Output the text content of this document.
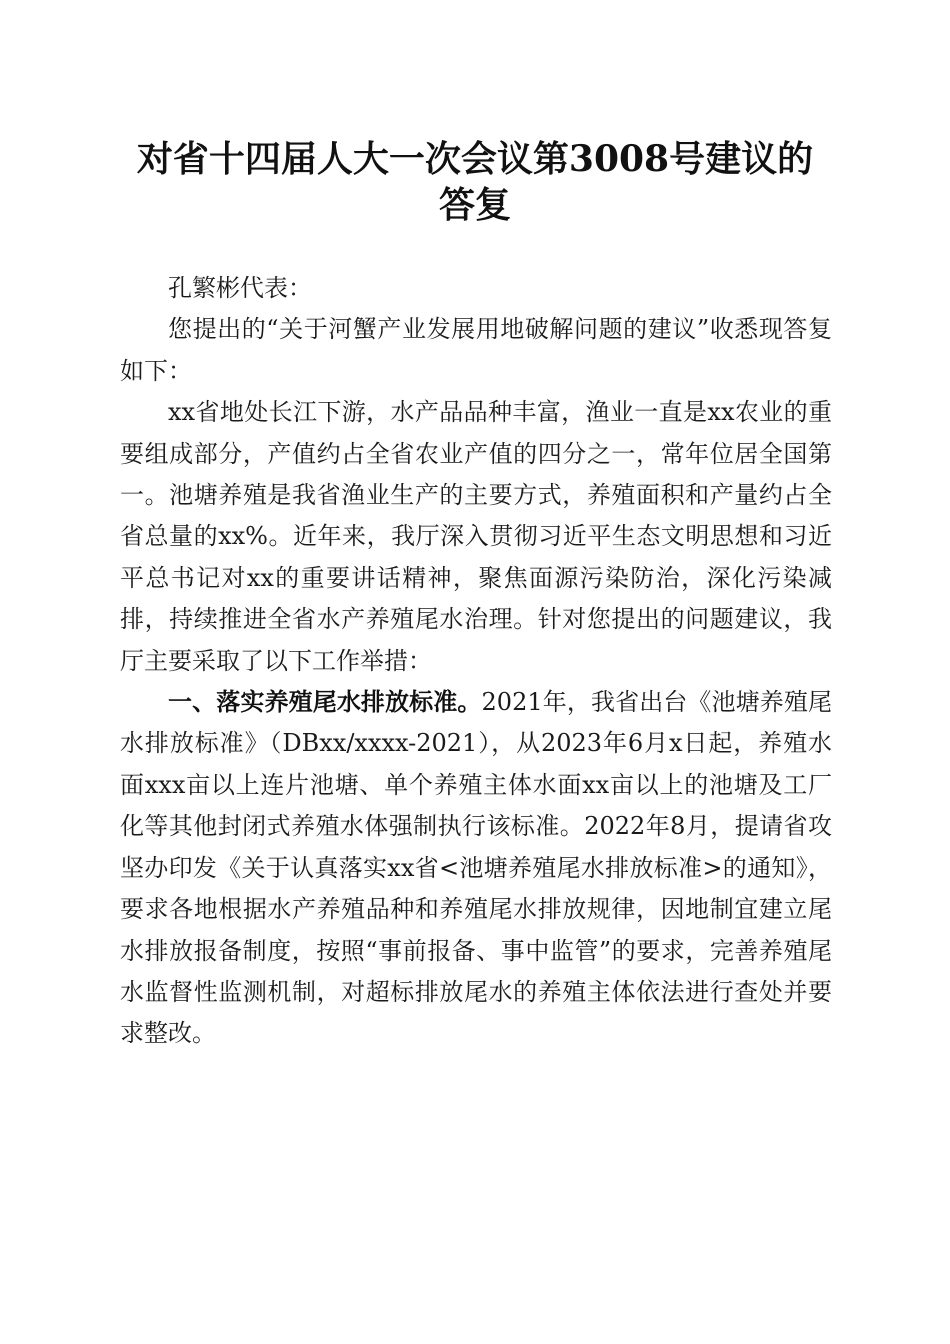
对省十四届人大一次会议第3008号建议的答复

孔繁彬代表：

您提出的“关于河蟹产业发展用地破解问题的建议”收悉现答复如下：

xx省地处长江下游，水产品品种丰富，渔业一直是xx农业的重要组成部分，产值约占全省农业产值的四分之一，常年位居全国第一。池塘养殖是我省渔业生产的主要方式，养殖面积和产量约占全省总量的xx%。近年来，我厅深入贯彻习近平生态文明思想和习近平总书记对xx的重要讲话精神，聚焦面源污染防治，深化污染减排，持续推进全省水产养殖尾水治理。针对您提出的问题建议，我厅主要采取了以下工作举措：

一、落实养殖尾水排放标准。2021年，我省出台《池塘养殖尾水排放标准》（DBxx/xxxx-2021），从2023年6月x日起，养殖水面xxx亩以上连片池塘、单个养殖主体水面xx亩以上的池塘及工厂化等其他封闭式养殖水体强制执行该标准。2022年8月，提请省攻坚办印发《关于认真落实xx省<池塘养殖尾水排放标准>的通知》，要求各地根据水产养殖品种和养殖尾水排放规律，因地制宜建立尾水排放报备制度，按照“事前报备、事中监管”的要求，完善养殖尾水监督性监测机制，对超标排放尾水的养殖主体依法进行查处并要求整改。
